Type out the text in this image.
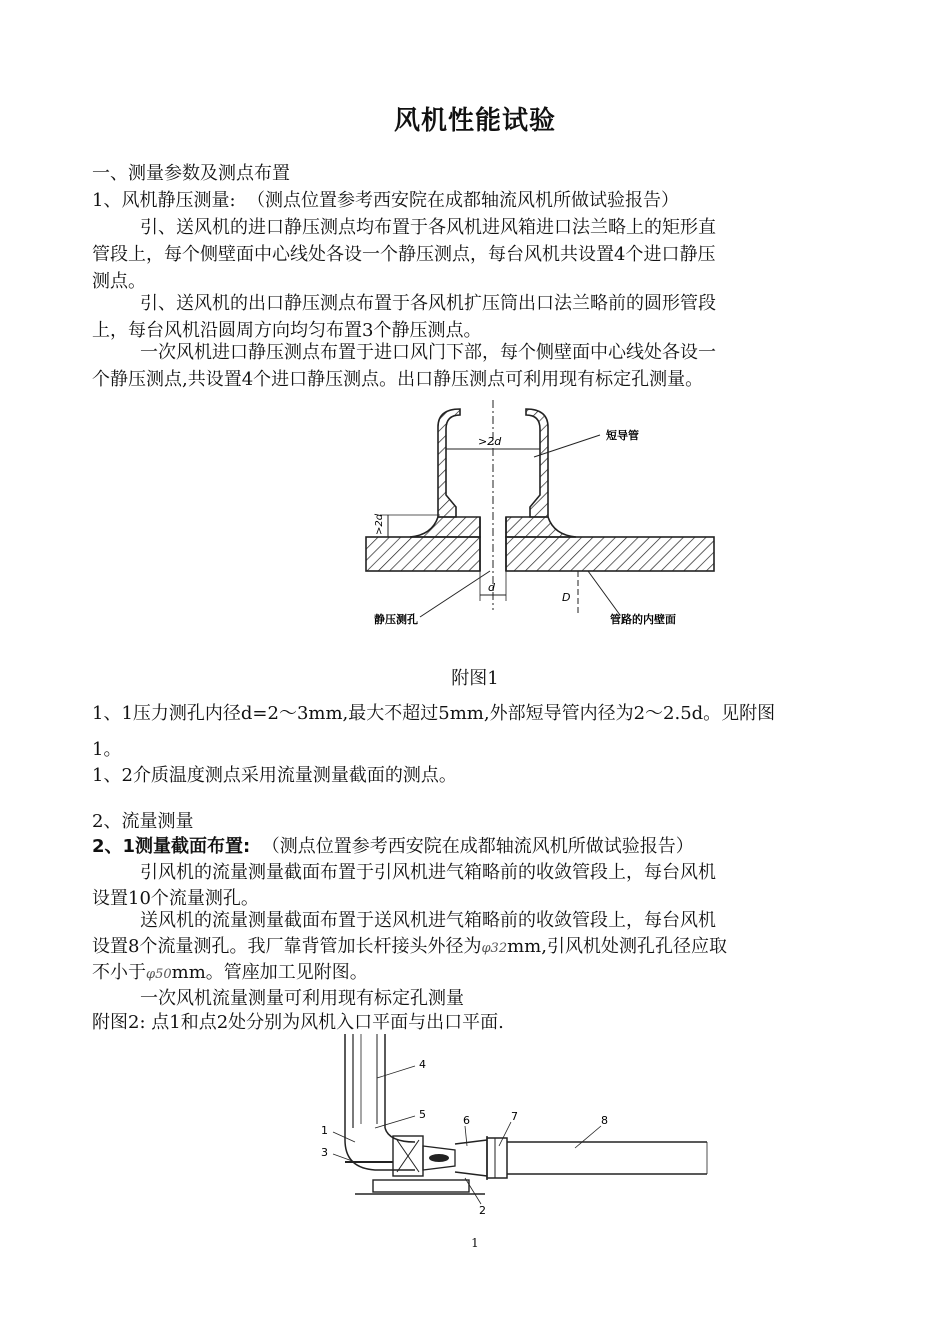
风机性能试验
一、测量参数及测点布置
1、风机静压测量: （测点位置参考西安院在成都轴流风机所做试验报告）
引、送风机的进口静压测点均布置于各风机进风箱进口法兰略上的矩形直
管段上，每个侧壁面中心线处各设一个静压测点，每台风机共设置4个进口静压
测点。
引、送风机的出口静压测点布置于各风机扩压筒出口法兰略前的圆形管段
上，每台风机沿圆周方向均匀布置3个静压测点。
一次风机进口静压测点布置于进口风门下部，每个侧壁面中心线处各设一
个静压测点,共设置4个进口静压测点。出口静压测点可利用现有标定孔测量。
>2d
>2d
d
D
短导管
静压测孔	管路的内壁面
附图1
1、1压力测孔内径d=2～3mm,最大不超过5mm,外部短导管内径为2～2.5d。见附图
1。
1、2介质温度测点采用流量测量截面的测点。
2、流量测量
2、1测量截面布置: （测点位置参考西安院在成都轴流风机所做试验报告）
引风机的流量测量截面布置于引风机进气箱略前的收敛管段上，每台风机
设置10个流量测孔。
送风机的流量测量截面布置于送风机进气箱略前的收敛管段上，每台风机
设置8个流量测孔。我厂靠背管加长杆接头外径为φ32mm,引风机处测孔孔径应取
不小于φ50mm。管座加工见附图。
一次风机流量测量可利用现有标定孔测量
附图2: 点1和点2处分别为风机入口平面与出口平面.
4
5
1
3
6	7	8
2
1
